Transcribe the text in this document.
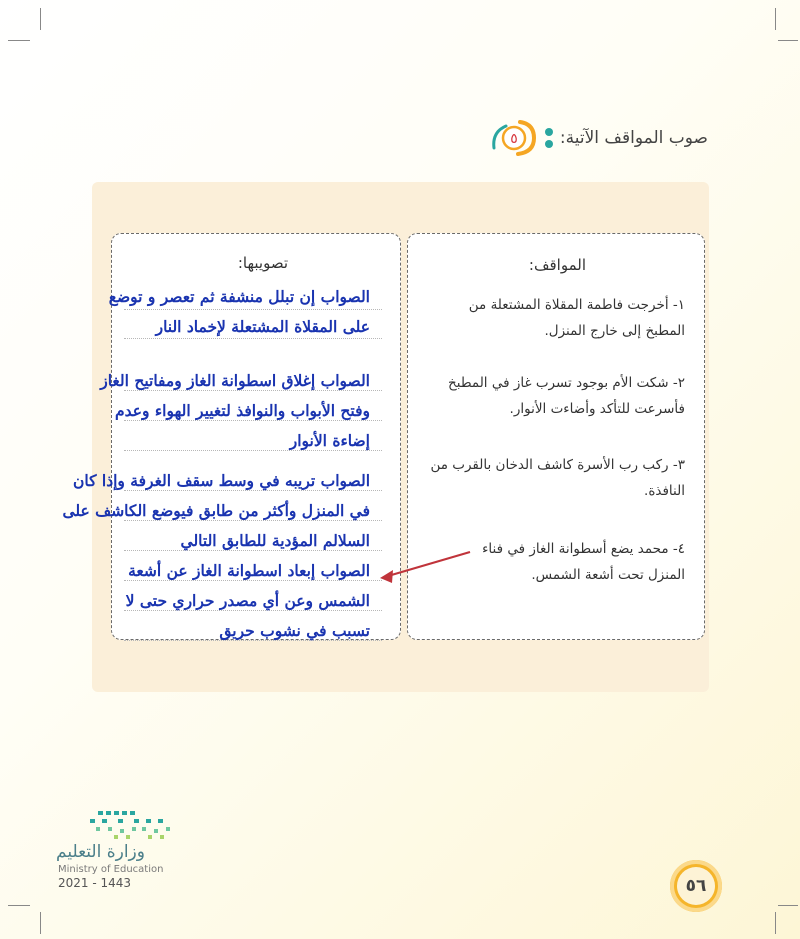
٥ صوب المواقف الآتية:
المواقف:
١- أخرجت فاطمة المقلاة المشتعلة من
المطبخ إلى خارج المنزل.
٢- شكت الأم بوجود تسرب غاز في المطبخ
فأسرعت للتأكد وأضاءت الأنوار.
٣- ركب رب الأسرة كاشف الدخان بالقرب من
النافذة.
٤- محمد يضع أسطوانة الغاز في فناء
المنزل تحت أشعة الشمس.
تصويبها:
الصواب إن تبلل منشفة ثم تعصر و توضع
على المقلاة المشتعلة لإخماد النار
الصواب إغلاق اسطوانة الغاز ومفاتيح الغاز
وفتح الأبواب والنوافذ لتغيير الهواء وعدم
إضاءة الأنوار
الصواب تريبه في وسط سقف الغرفة وإذا كان
في المنزل وأكثر من طابق فيوضع الكاشف على
السلالم المؤدية للطابق التالي
الصواب إبعاد اسطوانة الغاز عن أشعة
الشمس وعن أي مصدر حراري حتى لا
تسبب في نشوب حريق
وزارة التعليم
Ministry of Education
2021 - 1443	٥٦
